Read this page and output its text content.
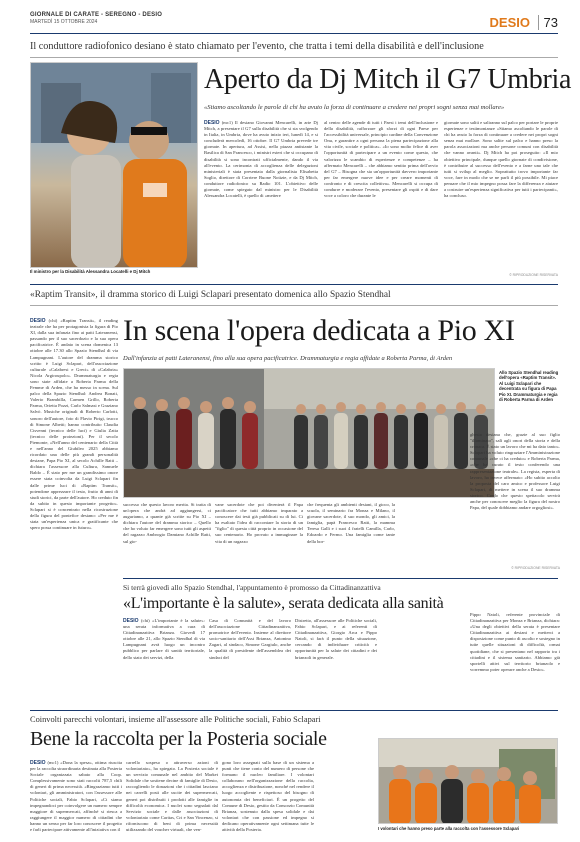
GIORNALE DI CARATE - SEREGNO - DESIO
MARTEDÌ 15 OTTOBRE 2024	DESIO	73
Il conduttore radiofonico desiano è stato chiamato per l'evento, che tratta i temi della disabilità e dell'inclusione
Il ministro per la Disabilità Alessandra Locatelli e Dj Mitch
Aperto da Dj Mitch il G7 Umbria
«Stiamo ascoltando le parole di chi ha avuto la forza di continuare a credere nei propri sogni senza mai mollare»
DESIO (mc1) Il desiano Giovanni Mencarelli, in arte Dj Mitch, a presentare il G7 sulla disabilità che si sta svolgendo in Italia, in Umbria, dove ha avuto inizio ieri, lunedì 14, e si concluderà mercoledì, 16 ottobre. Il G7 Umbria prevede tre giornate. In apertura, ad Assisi, nella piazza antistante la Basilica di San Francesco, i ministri esteri che si occupano di disabilità si sono incontrati ufficialmente, dando il via all'evento. La cerimonia di accoglienza delle delegazioni ministeriali è stata presentata dalla giornalista Elisabetta Soglio, direttore di Corriere Buone Notizie, e da Dj Mitch, conduttore radiofonico su Radio 101. L'obiettivo delle giornate, come spiegato dal ministro per le Disabilità Alessandra Locatelli, è quello di «mettere
al centro delle agende di tutti i Paesi i temi dell'inclusione e della disabilità, rafforzare gli sforzi di ogni Paese per l'accessibilità universale, principio cardine della Convenzione Onu, e garantire a ogni persona la piena partecipazione alla vita civile, sociale e politica». «Io sono molto felice di aver l'opportunità di partecipare a un evento come questo, che valorizza le scambio di esperienze e competenze – ha affermato Mencarelli – che abbiamo sentito prima dell'avvio del G7 – Bisogna che sia un'opportunità davvero importante per far emergere nuove idee e per creare momenti di confronto e di crescita collettiva». Mencarelli si occupa di condurre e moderare l'evento, presentare gli ospiti e di dare voce a coloro che durante le
giornate sono saliti e saliranno sul palco per portare le proprie esperienze e testimonianze «Stiamo ascoltando le parole di chi ha avuto la forza di continuare a credere nei propri sogni senza mai mollare. Sono salite sul palco e hanno preso la parola associazioni ma anche persone comuni con disabilità che vanno avanti». Dj Mitch ha poi proseguito: «Il mio obiettivo principale, dunque quello giornate di condivisione, è contribuire al successo dell'evento e a farne uno tale che tutti si svilup al meglio. Soprattutto trovo importante far voce, fare in modo che se ne parli il più possibile. Mi piace pensare che il mio impegno possa fare la differenza e aiutare a costruire un'esperienza significativa per tutti i partecipanti», ha concluso.
© RIPRODUZIONE RISERVATA
«Raptim Transit», il dramma storico di Luigi Sclapari presentato domenica allo Spazio Stendhal
DESIO (chi) «Raptim Transit», il reading teatrale che ha per protagonista la figura di Pio XI, dalla sua infanzia fino ai patti Lateranensi, passando per il suo sacerdozio e la sua opera pacificatrice. È andato in scena domenica 13 ottobre alle 17.30 allo Spazio Stendhal di via Lampugnani. L'autore del dramma storico scritto è Luigi Sclapari, dell'associazione culturale «Calabresi e Greci» di «Calabria» Nicola Argiroupolo». Drammaturgia e regia sono state affidate a Roberta Parma della Femme di Arden, che ha messo in scena. Sul palco della Spazio Stendhal: Andrea Bonati, Valerio Brambilla, Carmen Grillo, Roberta Parma, Orietta Pozzi, Carlo Salmasi e Graziano Salvò. Musiche originali di Roberto Carlotti, sonoro dell'autore, foto di Flavio Pirigi, trucco di Simone Albetti; hanno contribuito Claudia Cisvenni (tecnico delle luci) e Giulia Zatta (tecnico delle proiezioni). Per il secolo Piemonte, «Nell'anno del centenario della Città e nell'anno del Giubileo 2025 abbiamo ricordato una delle più grandi personalità desiane, Papa Pio XI, al secolo Achille Ratti – dichiara l'assessore alla Cultura, Samuele Baldo – È stato per me un grandissimo onore essere stata coinvolta da Luigi Sclapari fin dalle prime luci di «Raptim Transit», potendone apprezzare il testo, frutto di anni di studi storici, da parte dell'autore. Ho creduto fin da subito in questo importante progetto». Sclapari si è concentrato nella ricostruzione della figura del pontefice desiano: «Per me è stata un'esperienza unica e gratificante che spero possa continuare in futuro».
In scena l'opera dedicata a Pio XI
Dall'infanzia ai patti Lateranensi, fino alla sua opera pacificatrice. Drammaturgia e regia affidate a Roberta Parma, di Arden
Allo Spazio Stendhal reading dell'opera «Raptim Transit». Al Luigi Sclapari che decentrata su figura di Papa Pio XI. Drammaturgia e regia di Roberta Parma di Arden
successo che questo lavoro merita. Si tratta di un'opera che andrà ad aggiungersi, ci auguriamo, a quante già scritte su Pio XI – dichiara l'autore del dramma storico – Quello che ho voluto far emergere sono tutti gli aspetti del ragazzo Ambrogio Damiano Achille Ratti, sul gio-
vane sacerdote che poi diventerà il Papa pacificatore che tutti abbiamo imparato a conoscere dai testi già pubblicati su di lui. Ci ha esaltato l'idea di raccontare la storia di un "figlio" di questa città proprio in occasione del suo centenario. Ho provato a immaginare la vita di un ragazzo
che frequenta gli ambienti desiani, il gioco, la scuola, il seminario fra Monza e Milano, il giovane sacerdote, il suo mondo, gli amici, la famiglia, papà Francesco Ratti, la mamma Teresa Galli e i suoi 4 fratelli Camilla, Carlo, Edoardo e Fermo. Una famiglia come tante della bor-
ghesia desiana che, grazie al suo figlio "illuminato", salì agli onori della storia e della cronaca. È stato un lavoro che mi ha dato tanto». Sclapari ha voluto ringraziare l'Amministrazione comunale «che ci ha creduto» e Roberta Parma, «che ha curato il testo conferendo una rappresentazione teatrale». La regista, esperta di lavoro, ha invece affermato: «Ho subito accolto la proposta del caro amico e professore Luigi Sclapari, di mettere in scena il suo dramma storico. Credo che questo spettacolo servirà anche per conoscere meglio la figura del nostro Papa, del quale dobbiamo andare orgogliosi».
© RIPRODUZIONE RISERVATA
Si terrà giovedì allo Spazio Stendhal, l'appuntamento è promosso da Cittadinanzattiva
«L'importante è la salute», serata dedicata alla sanità
DESIO (chi) «L'importante è la salute»: una serata informativa a cura di Cittadinanzattiva Brianza. Giovedì 17 ottobre alle 21, allo Spazio Stendhal di via Lampugnani avrà luogo un incontro pubblico per parlare di sanità territoriale, dello stato dei servizi, della
Casa di Comunità e del lavoro dell'associazione Cittadinanzattiva, promotrice dell'evento. Insieme al direttore socio-sanitario dell'Asst Brianza, Antonino Zagari, al sindaco, Simone Gargiulo, anche la qualità di presidente dell'assemblea dei sindaci del
Distretto, all'assessore alle Politiche sociali, Fabio Sclapari, e ai referenti di Cittadinanzattiva, Giorgio Arca e Pippo Natoli, si farà il punto della situazione, cercando di individuare criticità e opportunità per la salute dei cittadini e dei brianzoli in generale.
Pippo Natoli, referente provinciale di Cittadinanzattiva per Monza e Brianza, dichiara: «Una degli obiettivi della serata è presentare Cittadinanzattiva ai desiani e metterci a disposizione come punto di ascolto e sostegno in tutte quelle situazioni di difficoltà, ormai quotidiane, che si presentano nel rapporto tra i cittadini e il sistema sanitario. Abbiamo già sportelli attivi sul territorio brianzolo e vorremmo poter operare anche a Desio».
Coinvolti parecchi volontari, insieme all'assessore alle Politiche sociali, Fabio Sclapari
Bene la raccolta per la Posteria sociale
DESIO (mc1) «Dona la spesa», ottima riuscita per la raccolta straordinaria destinata alla Posteria Sociale organizzata sabato alla Coop. Complessivamente sono stati raccolti 787,5 chili di generi di prima necessità. «Ringraziamo tutti i volontari, gli amministratori, con l'assessore alle Politiche sociali, Fabio Sclapari, «Ci siamo impegnandoci per coinvolgere un numero sempre maggiore di supermercati, affinché si riesca a raggiungere il maggior numero di cittadini che hanno un senso per far loro conoscere il progetto e farli partecipare attivamente all'iniziativa con il
carrello sospeso o attraverso azioni di volontariato», ha spiegato. La Posteria sociale è un servizio comunale nel ambito del Market Solidale che sostiene decine di famiglie di Desio, raccogliendo le donazioni che i cittadini lasciano nei carrelli posti alle uscite dei supermercati, generi poi distribuiti i prodotti alle famiglie in difficoltà economica. I nuclei sono segnalati dal Servizio sociale e dalle associazioni di volontariato come Caritas, Cri e San Vincenzo, si riforniscono di beni di prima necessità utilizzando del voucher virtuali, che ven-
gono loro assegnati sulla base di un sistema a punti che tiene conto del numero di persone che formano il nucleo familiare. I volontari collaborano nell'organizzazione della raccolta, accoglienza e distribuzione, nonché nel rendere il luogo accogliente e rispettoso del bisogno di autonomia dei beneficiari. È un progetto del Comune di Desio, gestito da Consorzio Comunità Brianza, sostenuto dalla spesa solidale e dai volontari che con passione ed impegno si dedicano operativamente ogni settimana tutte le attività della Posteria.	I volontari che hanno preso parte alla raccolta con l'assessore Sclapari
